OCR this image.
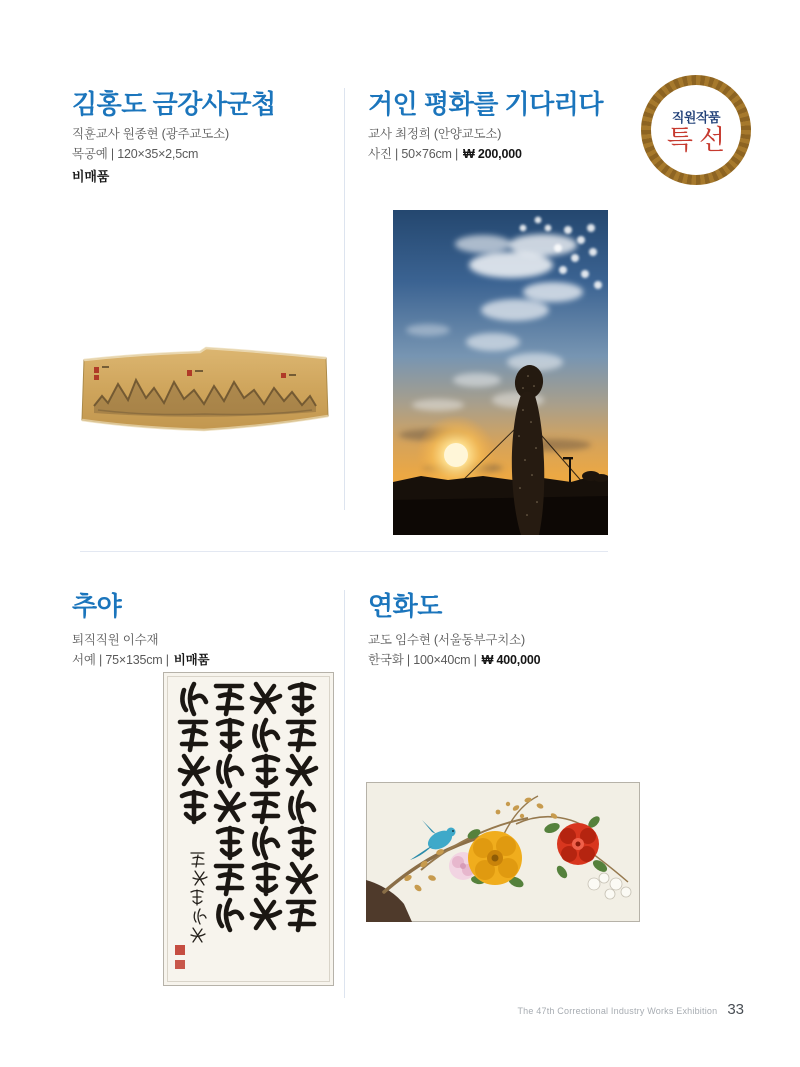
김홍도 금강사군첩
직훈교사 원종현 (광주교도소)
목공예 | 120×35×2,5cm
비매품
거인 평화를 기다리다
교사 최정희 (안양교도소)
사진 | 50×76cm | ₩ 200,000
직원작품
특선
추야
퇴직직원 이수재
서예 | 75×135cm | 비매품
연화도
교도 임수현 (서울동부구치소)
한국화 | 100×40cm | ₩ 400,000
The 47th Correctional Industry Works Exhibition 33
